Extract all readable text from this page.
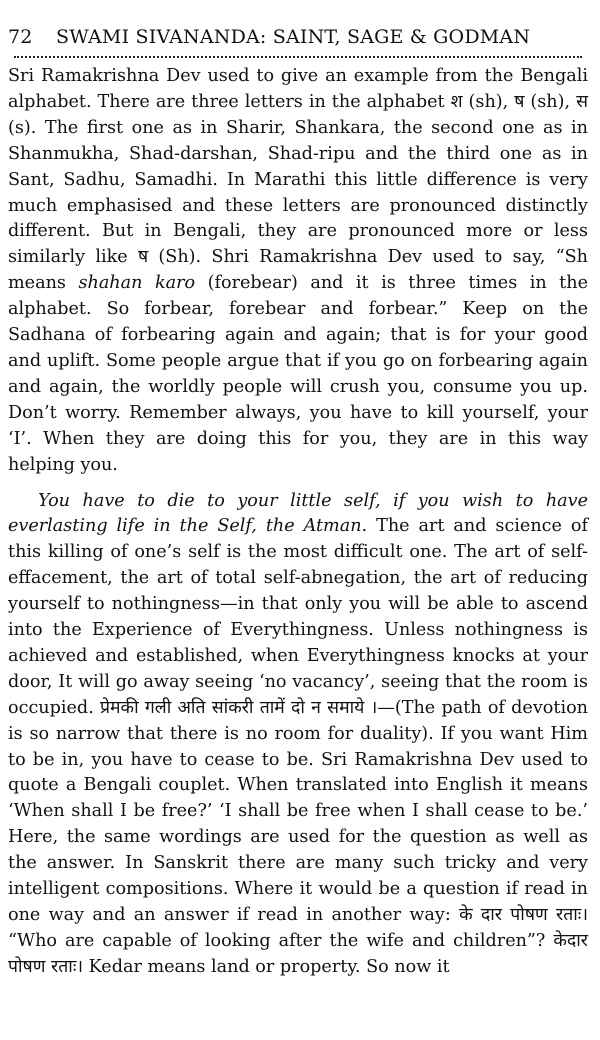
72 SWAMI SIVANANDA: SAINT, SAGE & GODMAN

Sri Ramakrishna Dev used to give an example from the Bengali alphabet. There are three letters in the alphabet श (sh), ष (sh), स (s). The first one as in Sharir, Shankara, the second one as in Shanmukha, Shad-darshan, Shad-ripu and the third one as in Sant, Sadhu, Samadhi. In Marathi this little difference is very much emphasised and these letters are pronounced distinctly different. But in Bengali, they are pronounced more or less similarly like ष (Sh). Shri Ramakrishna Dev used to say, “Sh means shahan karo (forebear) and it is three times in the alphabet. So forbear, forebear and forbear.” Keep on the Sadhana of forbearing again and again; that is for your good and uplift. Some people argue that if you go on forbearing again and again, the worldly people will crush you, consume you up. Don’t worry. Remember always, you have to kill yourself, your ‘I’. When they are doing this for you, they are in this way helping you.

You have to die to your little self, if you wish to have everlasting life in the Self, the Atman. The art and science of this killing of one’s self is the most difficult one. The art of self-effacement, the art of total self-abnegation, the art of reducing yourself to nothingness—in that only you will be able to ascend into the Experience of Everythingness. Unless nothingness is achieved and established, when Everythingness knocks at your door, It will go away seeing ‘no vacancy’, seeing that the room is occupied. प्रेमकी गली अति सांकरी तामें दो न समाये ।—(The path of devotion is so narrow that there is no room for duality). If you want Him to be in, you have to cease to be. Sri Ramakrishna Dev used to quote a Bengali couplet. When translated into English it means ‘When shall I be free?’ ‘I shall be free when I shall cease to be.’ Here, the same wordings are used for the question as well as the answer. In Sanskrit there are many such tricky and very intelligent compositions. Where it would be a question if read in one way and an answer if read in another way: के दार पोषण रताः। “Who are capable of looking after the wife and children”? केदार पोषण रताः। Kedar means land or property. So now it
